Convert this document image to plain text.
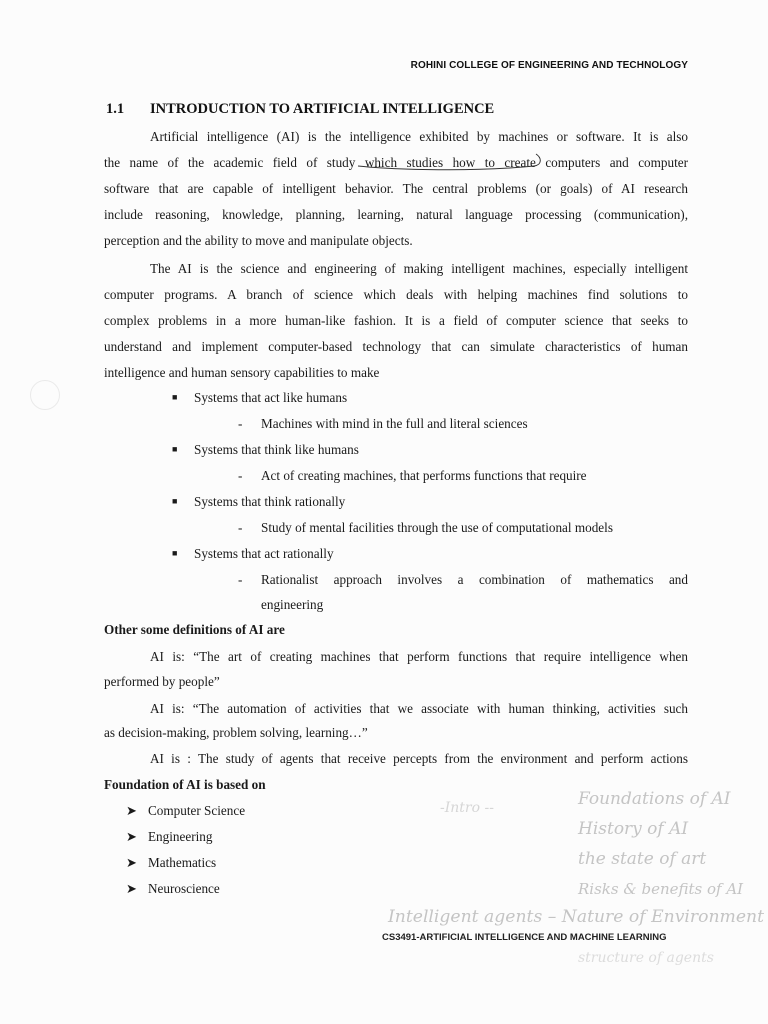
ROHINI COLLEGE OF ENGINEERING AND TECHNOLOGY
1.1 INTRODUCTION TO ARTIFICIAL INTELLIGENCE
Artificial intelligence (AI) is the intelligence exhibited by machines or software. It is also
the name of the academic field of study which studies how to create computers and computer
software that are capable of intelligent behavior. The central problems (or goals) of AI research
include reasoning, knowledge, planning, learning, natural language processing (communication),
perception and the ability to move and manipulate objects.
The AI is the science and engineering of making intelligent machines, especially intelligent
computer programs. A branch of science which deals with helping machines find solutions to
complex problems in a more human-like fashion. It is a field of computer science that seeks to
understand and implement computer-based technology that can simulate characteristics of human
intelligence and human sensory capabilities to make
■ Systems that act like humans
- Machines with mind in the full and literal sciences
■ Systems that think like humans
- Act of creating machines, that performs functions that require
■ Systems that think rationally
- Study of mental facilities through the use of computational models
■ Systems that act rationally
- Rationalist approach involves a combination of mathematics and
engineering
Other some definitions of AI are
AI is: “The art of creating machines that perform functions that require intelligence when
performed by people”
AI is: “The automation of activities that we associate with human thinking, activities such
as decision-making, problem solving, learning…”
AI is : The study of agents that receive percepts from the environment and perform actions
Foundation of AI is based on
➤ Computer Science
➤ Engineering
➤ Mathematics
➤ Neuroscience
-Intro --	Foundations of AI
History of AI
the state of art
Risks & benefits of AI
Intelligent agents – Nature of Environment
structure of agents
CS3491-ARTIFICIAL INTELLIGENCE AND MACHINE LEARNING
